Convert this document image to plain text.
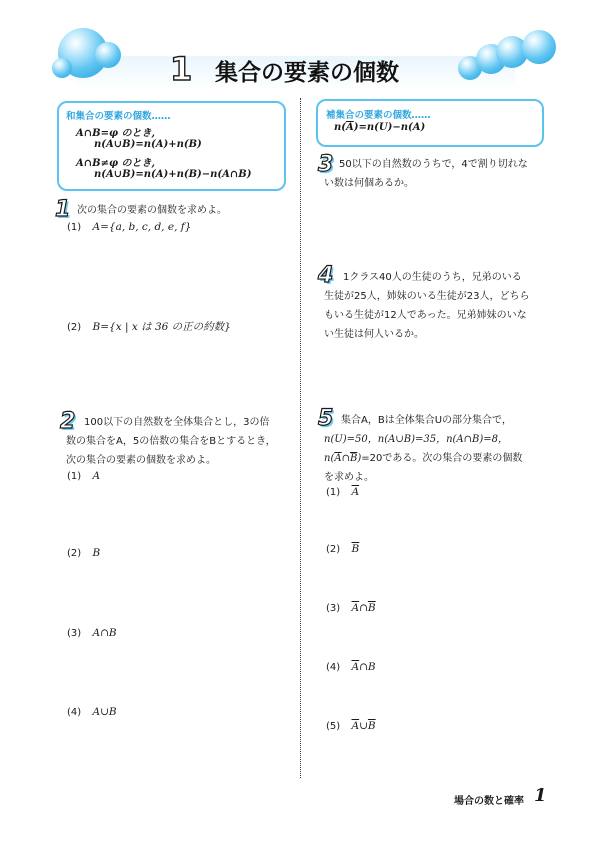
1 集合の要素の個数
和集合の要素の個数……
A∩B=φ のとき,
n(A∪B)=n(A)+n(B)
A∩B≠φ のとき,
n(A∪B)=n(A)+n(B)−n(A∩B)
補集合の要素の個数……
$n(\overline{A})=n(U)-n(A)$
1 次の集合の要素の個数を求めよ。
(1) A={a, b, c, d, e, f}
(2) B={x | x は 36 の正の約数}
2 100以下の自然数を全体集合とし，3の倍
数の集合をA，5の倍数の集合をBとするとき，
次の集合の要素の個数を求めよ。
(1) A
(2) B
(3) A∩B
(4) A∪B
3 50以下の自然数のうちで，4で割り切れな
い数は何個あるか。
4 1クラス40人の生徒のうち，兄弟のいる
生徒が25人，姉妹のいる生徒が23人，どちら
もいる生徒が12人であった。兄弟姉妹のいな
い生徒は何人いるか。
5 集合A，Bは全体集合Uの部分集合で，
n(U)=50，n(A∪B)=35，n(A∩B)=8，
$n(\overline{A}\cap\overline{B})=20$である。次の集合の要素の個数
を求めよ。
(1) $\overline{A}$
(2) $\overline{B}$
(3) $\overline{A}\cap\overline{B}$
(4) $\overline{A}\cap B$
(5) $\overline{A}\cup\overline{B}$
場合の数と確率 1
